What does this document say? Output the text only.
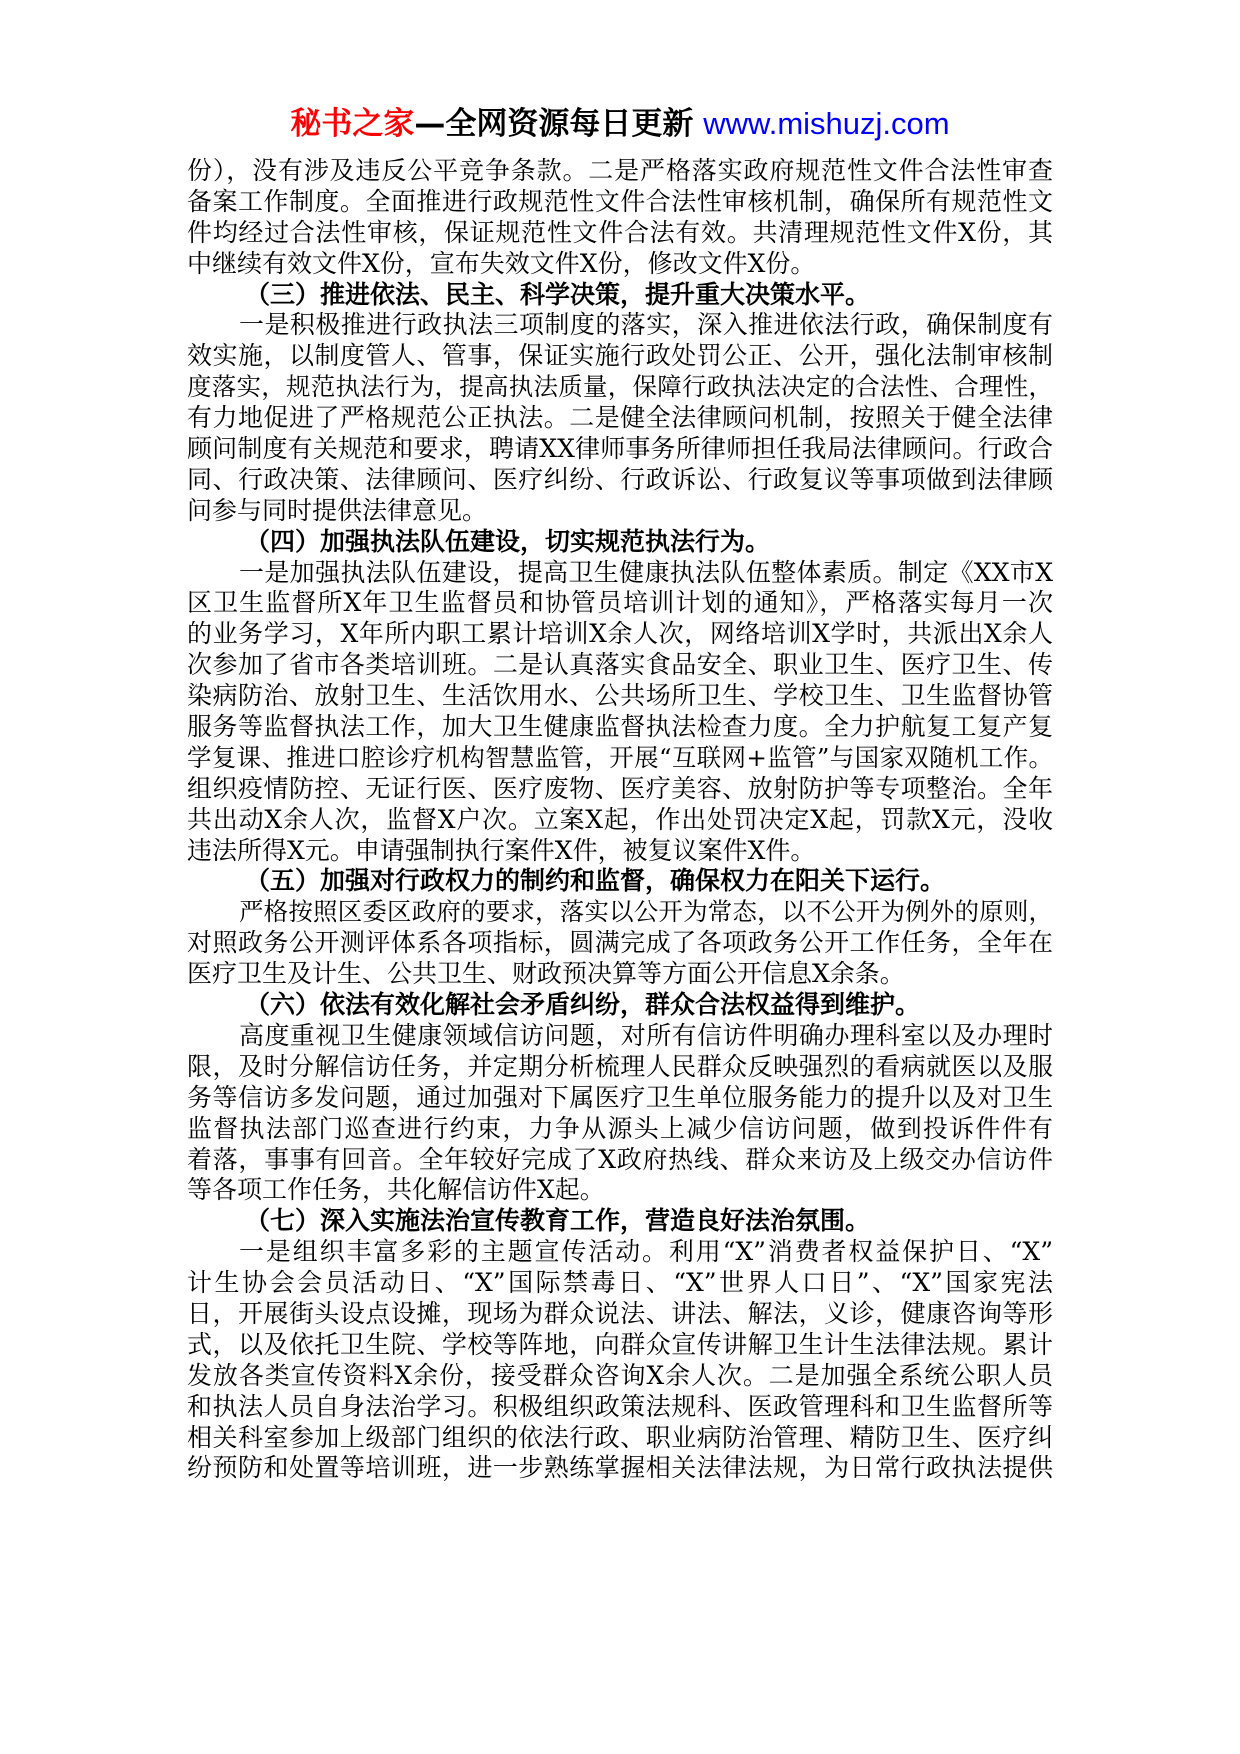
秘书之家—全网资源每日更新 www.mishuzj.com
份），没有涉及违反公平竞争条款。二是严格落实政府规范性文件合法性审查
备案工作制度。全面推进行政规范性文件合法性审核机制，确保所有规范性文
件均经过合法性审核，保证规范性文件合法有效。共清理规范性文件X份，其
中继续有效文件X份，宣布失效文件X份，修改文件X份。
（三）推进依法、民主、科学决策，提升重大决策水平。
一是积极推进行政执法三项制度的落实，深入推进依法行政，确保制度有
效实施，以制度管人、管事，保证实施行政处罚公正、公开，强化法制审核制
度落实，规范执法行为，提高执法质量，保障行政执法决定的合法性、合理性，
有力地促进了严格规范公正执法。二是健全法律顾问机制，按照关于健全法律
顾问制度有关规范和要求，聘请XX律师事务所律师担任我局法律顾问。行政合
同、行政决策、法律顾问、医疗纠纷、行政诉讼、行政复议等事项做到法律顾
问参与同时提供法律意见。
（四）加强执法队伍建设，切实规范执法行为。
一是加强执法队伍建设，提高卫生健康执法队伍整体素质。制定《XX市X
区卫生监督所X年卫生监督员和协管员培训计划的通知》，严格落实每月一次
的业务学习，X年所内职工累计培训X余人次，网络培训X学时，共派出X余人
次参加了省市各类培训班。二是认真落实食品安全、职业卫生、医疗卫生、传
染病防治、放射卫生、生活饮用水、公共场所卫生、学校卫生、卫生监督协管
服务等监督执法工作，加大卫生健康监督执法检查力度。全力护航复工复产复
学复课、推进口腔诊疗机构智慧监管，开展“互联网+监管”与国家双随机工作。
组织疫情防控、无证行医、医疗废物、医疗美容、放射防护等专项整治。全年
共出动X余人次，监督X户次。立案X起，作出处罚决定X起，罚款X元，没收
违法所得X元。申请强制执行案件X件，被复议案件X件。
（五）加强对行政权力的制约和监督，确保权力在阳关下运行。
严格按照区委区政府的要求，落实以公开为常态，以不公开为例外的原则，
对照政务公开测评体系各项指标，圆满完成了各项政务公开工作任务，全年在
医疗卫生及计生、公共卫生、财政预决算等方面公开信息X余条。
（六）依法有效化解社会矛盾纠纷，群众合法权益得到维护。
高度重视卫生健康领域信访问题，对所有信访件明确办理科室以及办理时
限，及时分解信访任务，并定期分析梳理人民群众反映强烈的看病就医以及服
务等信访多发问题，通过加强对下属医疗卫生单位服务能力的提升以及对卫生
监督执法部门巡查进行约束，力争从源头上减少信访问题，做到投诉件件有
着落，事事有回音。全年较好完成了X政府热线、群众来访及上级交办信访件
等各项工作任务，共化解信访件X起。
（七）深入实施法治宣传教育工作，营造良好法治氛围。
一是组织丰富多彩的主题宣传活动。利用“X”消费者权益保护日、“X”
计生协会会员活动日、“X”国际禁毒日、“X”世界人口日”、“X”国家宪法
日，开展街头设点设摊，现场为群众说法、讲法、解法，义诊，健康咨询等形
式，以及依托卫生院、学校等阵地，向群众宣传讲解卫生计生法律法规。累计
发放各类宣传资料X余份，接受群众咨询X余人次。二是加强全系统公职人员
和执法人员自身法治学习。积极组织政策法规科、医政管理科和卫生监督所等
相关科室参加上级部门组织的依法行政、职业病防治管理、精防卫生、医疗纠
纷预防和处置等培训班，进一步熟练掌握相关法律法规，为日常行政执法提供
